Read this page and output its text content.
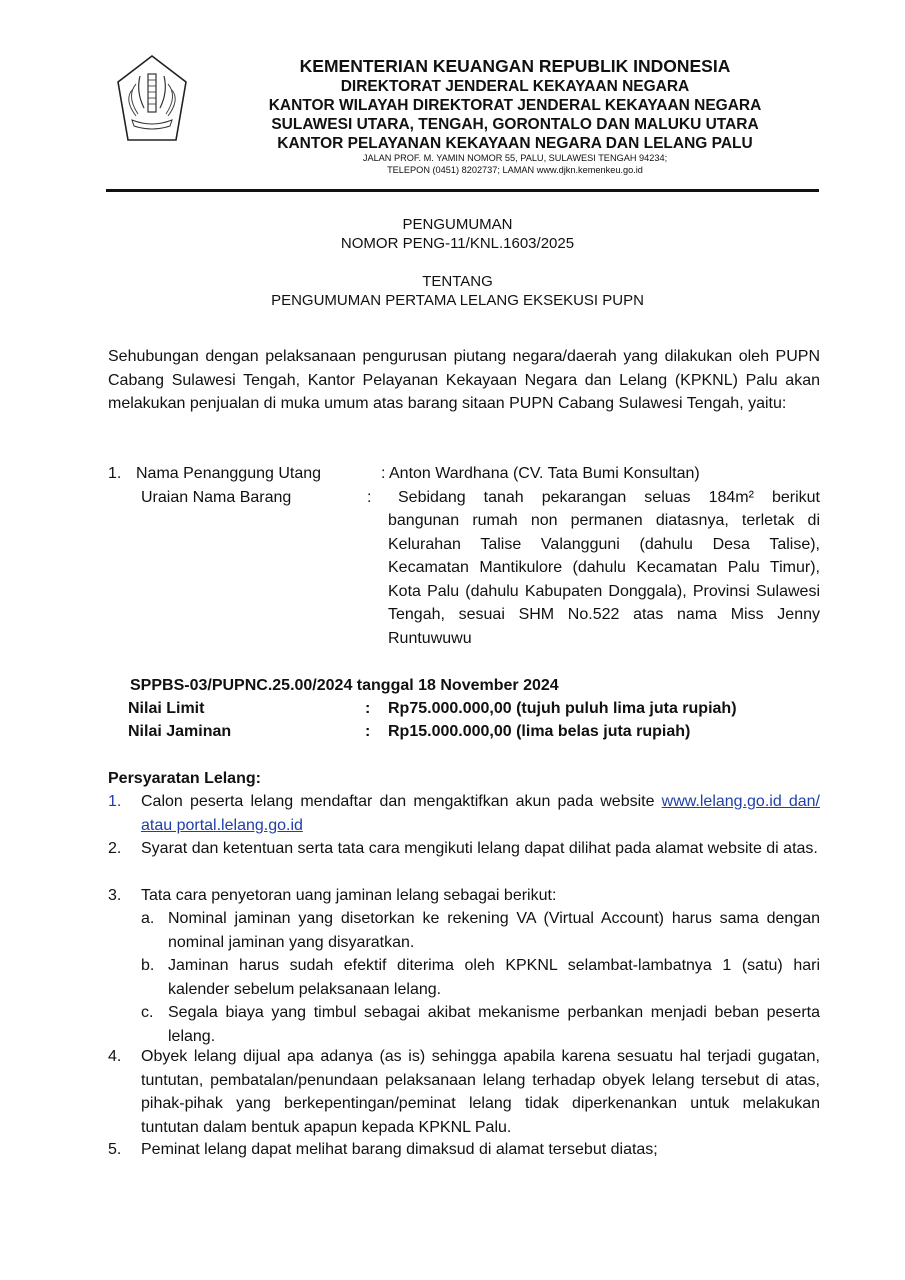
KEMENTERIAN KEUANGAN REPUBLIK INDONESIA
DIREKTORAT JENDERAL KEKAYAAN NEGARA
KANTOR WILAYAH DIREKTORAT JENDERAL KEKAYAAN NEGARA
SULAWESI UTARA, TENGAH, GORONTALO DAN MALUKU UTARA
KANTOR PELAYANAN KEKAYAAN NEGARA DAN LELANG PALU
JALAN PROF. M. YAMIN NOMOR 55, PALU, SULAWESI TENGAH 94234;
TELEPON (0451) 8202737; LAMAN www.djkn.kemenkeu.go.id
PENGUMUMAN
NOMOR PENG-11/KNL.1603/2025
TENTANG
PENGUMUMAN PERTAMA LELANG EKSEKUSI PUPN
Sehubungan dengan pelaksanaan pengurusan piutang negara/daerah yang dilakukan oleh PUPN Cabang Sulawesi Tengah, Kantor Pelayanan Kekayaan Negara dan Lelang (KPKNL) Palu akan melakukan penjualan di muka umum atas barang sitaan PUPN Cabang Sulawesi Tengah, yaitu:
1. Nama Penanggung Utang	: Anton Wardhana (CV. Tata Bumi Konsultan)
Uraian Nama Barang	:	Sebidang tanah pekarangan seluas 184m² berikut bangunan rumah non permanen diatasnya, terletak di Kelurahan Talise Valangguni (dahulu Desa Talise), Kecamatan Mantikulore (dahulu Kecamatan Palu Timur), Kota Palu (dahulu Kabupaten Donggala), Provinsi Sulawesi Tengah, sesuai SHM No.522 atas nama Miss Jenny Runtuwuwu
SPPBS-03/PUPNC.25.00/2024 tanggal 18 November 2024
Nilai Limit	: Rp75.000.000,00 (tujuh puluh lima juta rupiah)
Nilai Jaminan	: Rp15.000.000,00 (lima belas juta rupiah)
Persyaratan Lelang:
1. Calon peserta lelang mendaftar dan mengaktifkan akun pada website www.lelang.go.id dan/ atau portal.lelang.go.id
2. Syarat dan ketentuan serta tata cara mengikuti lelang dapat dilihat pada alamat website di atas.
3. Tata cara penyetoran uang jaminan lelang sebagai berikut:
a. Nominal jaminan yang disetorkan ke rekening VA (Virtual Account) harus sama dengan nominal jaminan yang disyaratkan.
b. Jaminan harus sudah efektif diterima oleh KPKNL selambat-lambatnya 1 (satu) hari kalender sebelum pelaksanaan lelang.
c. Segala biaya yang timbul sebagai akibat mekanisme perbankan menjadi beban peserta lelang.
4. Obyek lelang dijual apa adanya (as is) sehingga apabila karena sesuatu hal terjadi gugatan, tuntutan, pembatalan/penundaan pelaksanaan lelang terhadap obyek lelang tersebut di atas, pihak-pihak yang berkepentingan/peminat lelang tidak diperkenankan untuk melakukan tuntutan dalam bentuk apapun kepada KPKNL Palu.
5. Peminat lelang dapat melihat barang dimaksud di alamat tersebut diatas;
